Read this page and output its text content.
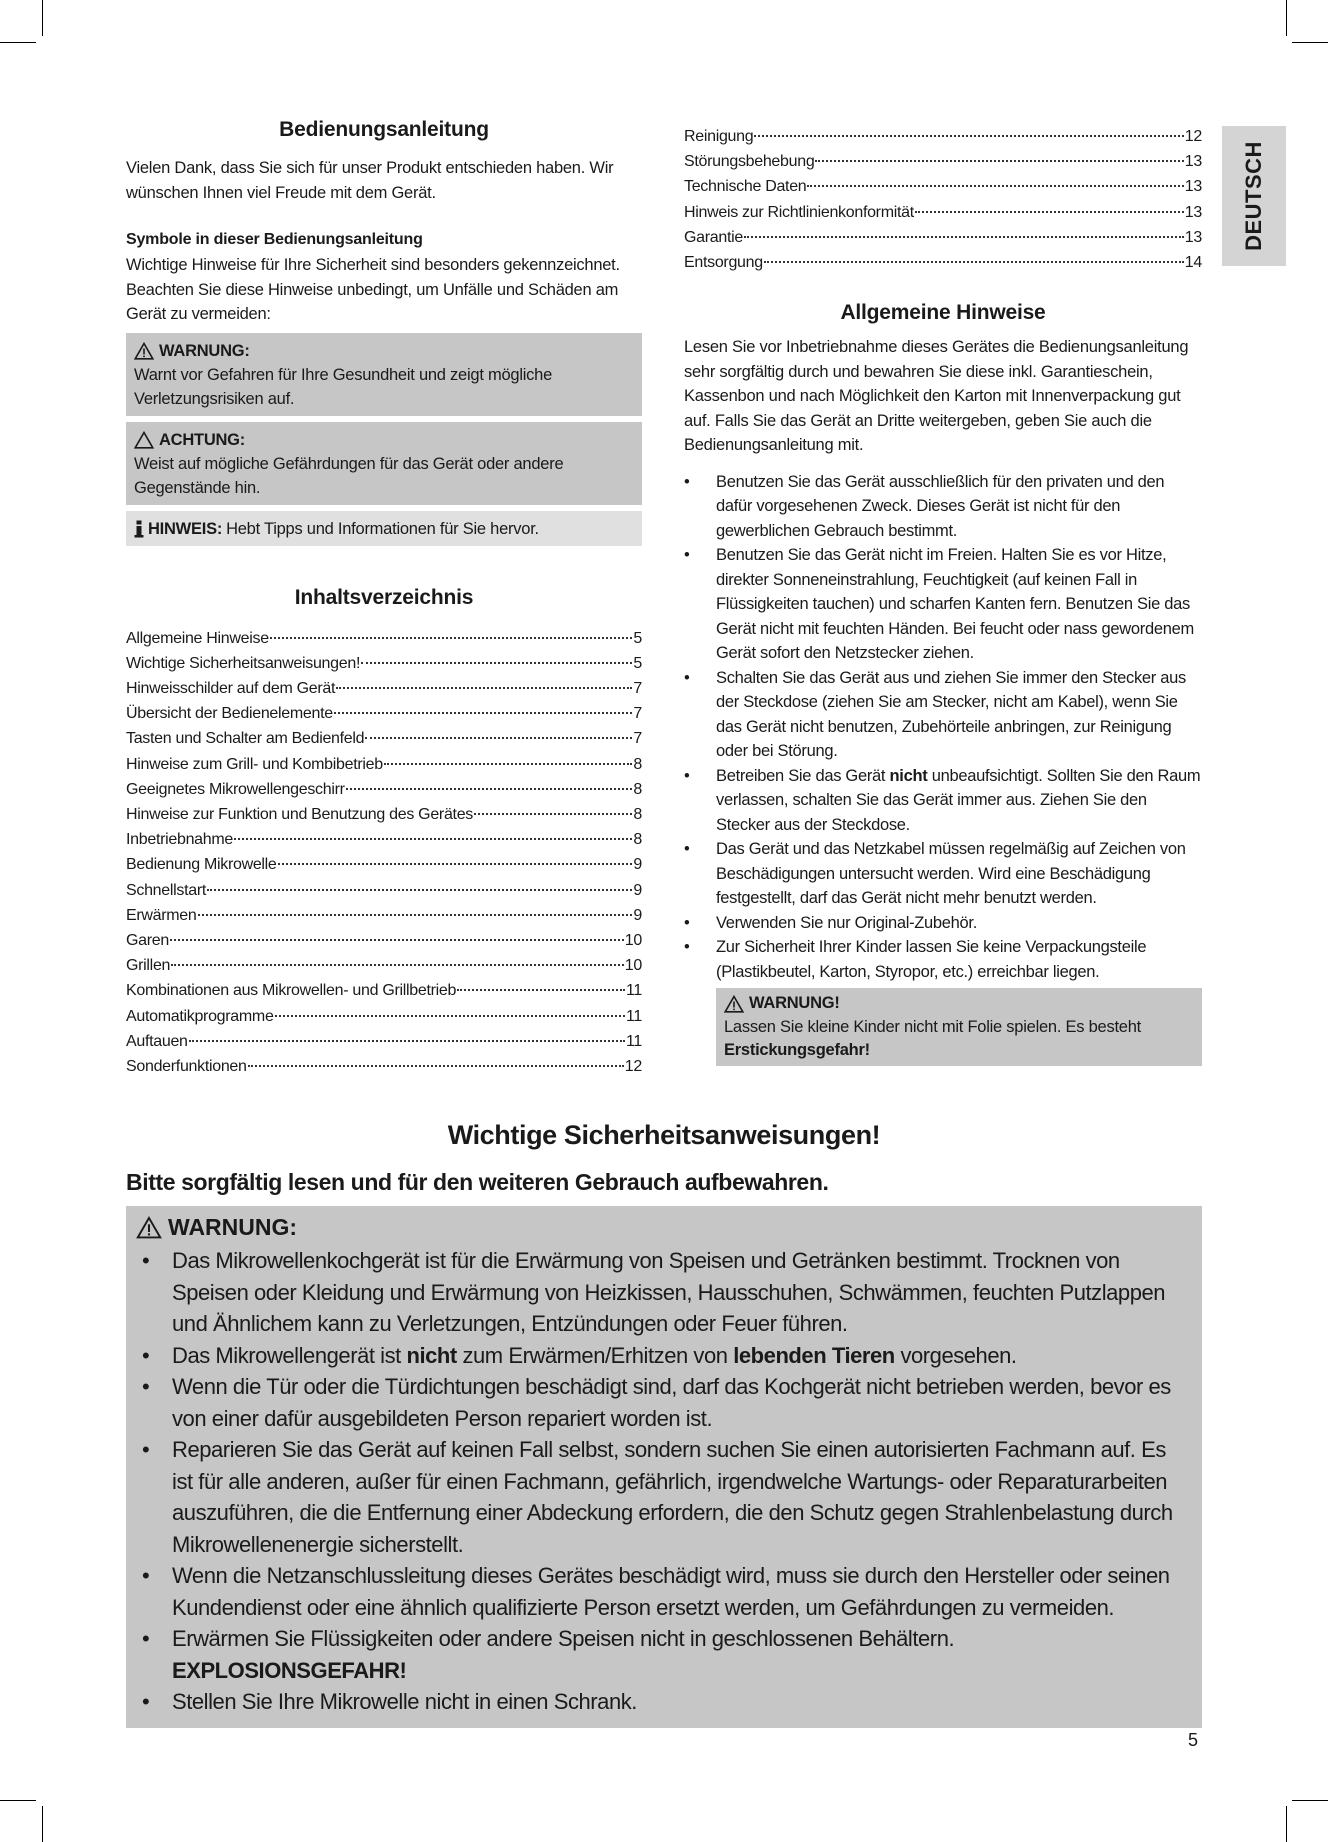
DEUTSCH
Bedienungsanleitung

Vielen Dank, dass Sie sich für unser Produkt entschieden haben. Wir wünschen Ihnen viel Freude mit dem Gerät.

Symbole in dieser Bedienungsanleitung

Wichtige Hinweise für Ihre Sicherheit sind besonders gekennzeichnet. Beachten Sie diese Hinweise unbedingt, um Unfälle und Schäden am Gerät zu vermeiden:

WARNUNG:
Warnt vor Gefahren für Ihre Gesundheit und zeigt mögliche Verletzungsrisiken auf.
ACHTUNG:
Weist auf mögliche Gefährdungen für das Gerät oder andere Gegenstände hin.
HINWEIS: Hebt Tipps und Informationen für Sie hervor.
Inhaltsverzeichnis
Allgemeine Hinweise	5
Wichtige Sicherheitsanweisungen!	5
Hinweisschilder auf dem Gerät	7
Übersicht der Bedienelemente	7
Tasten und Schalter am Bedienfeld	7
Hinweise zum Grill- und Kombibetrieb	8
Geeignetes Mikrowellengeschirr	8
Hinweise zur Funktion und Benutzung des Gerätes	8
Inbetriebnahme	8
Bedienung Mikrowelle	9
Schnellstart	9
Erwärmen	9
Garen	10
Grillen	10
Kombinationen aus Mikrowellen- und Grillbetrieb	11
Automatikprogramme	11
Auftauen	11
Sonderfunktionen	12
Reinigung	12
Störungsbehebung	13
Technische Daten	13
Hinweis zur Richtlinienkonformität	13
Garantie	13
Entsorgung	14
Allgemeine Hinweise

Lesen Sie vor Inbetriebnahme dieses Gerätes die Bedienungsanleitung sehr sorgfältig durch und bewahren Sie diese inkl. Garantieschein, Kassenbon und nach Möglichkeit den Karton mit Innenverpackung gut auf. Falls Sie das Gerät an Dritte weitergeben, geben Sie auch die Bedienungsanleitung mit.

• Benutzen Sie das Gerät ausschließlich für den privaten und den dafür vorgesehenen Zweck. Dieses Gerät ist nicht für den gewerblichen Gebrauch bestimmt.
• Benutzen Sie das Gerät nicht im Freien. Halten Sie es vor Hitze, direkter Sonneneinstrahlung, Feuchtigkeit (auf keinen Fall in Flüssigkeiten tauchen) und scharfen Kanten fern. Benutzen Sie das Gerät nicht mit feuchten Händen. Bei feucht oder nass gewordenem Gerät sofort den Netzstecker ziehen.
• Schalten Sie das Gerät aus und ziehen Sie immer den Stecker aus der Steckdose (ziehen Sie am Stecker, nicht am Kabel), wenn Sie das Gerät nicht benutzen, Zubehörteile anbringen, zur Reinigung oder bei Störung.
• Betreiben Sie das Gerät nicht unbeaufsichtigt. Sollten Sie den Raum verlassen, schalten Sie das Gerät immer aus. Ziehen Sie den Stecker aus der Steckdose.
• Das Gerät und das Netzkabel müssen regelmäßig auf Zeichen von Beschädigungen untersucht werden. Wird eine Beschädigung festgestellt, darf das Gerät nicht mehr benutzt werden.
• Verwenden Sie nur Original-Zubehör.
• Zur Sicherheit Ihrer Kinder lassen Sie keine Verpackungsteile (Plastikbeutel, Karton, Styropor, etc.) erreichbar liegen.
WARNUNG!
Lassen Sie kleine Kinder nicht mit Folie spielen. Es besteht
Erstickungsgefahr!
Wichtige Sicherheitsanweisungen!
Bitte sorgfältig lesen und für den weiteren Gebrauch aufbewahren.
WARNUNG:
• Das Mikrowellenkochgerät ist für die Erwärmung von Speisen und Getränken bestimmt. Trocknen von Speisen oder Kleidung und Erwärmung von Heizkissen, Hausschuhen, Schwämmen, feuchten Putzlappen und Ähnlichem kann zu Verletzungen, Entzündungen oder Feuer führen.
• Das Mikrowellengerät ist nicht zum Erwärmen/Erhitzen von lebenden Tieren vorgesehen.
• Wenn die Tür oder die Türdichtungen beschädigt sind, darf das Kochgerät nicht betrieben werden, bevor es von einer dafür ausgebildeten Person repariert worden ist.
• Reparieren Sie das Gerät auf keinen Fall selbst, sondern suchen Sie einen autorisierten Fachmann auf. Es ist für alle anderen, außer für einen Fachmann, gefährlich, irgendwelche Wartungs- oder Reparaturarbeiten auszuführen, die die Entfernung einer Abdeckung erfordern, die den Schutz gegen Strahlenbelastung durch Mikrowellenenergie sicherstellt.
• Wenn die Netzanschlussleitung dieses Gerätes beschädigt wird, muss sie durch den Hersteller oder seinen Kundendienst oder eine ähnlich qualifizierte Person ersetzt werden, um Gefährdungen zu vermeiden.
• Erwärmen Sie Flüssigkeiten oder andere Speisen nicht in geschlossenen Behältern. EXPLOSIONSGEFAHR!
• Stellen Sie Ihre Mikrowelle nicht in einen Schrank.
5
